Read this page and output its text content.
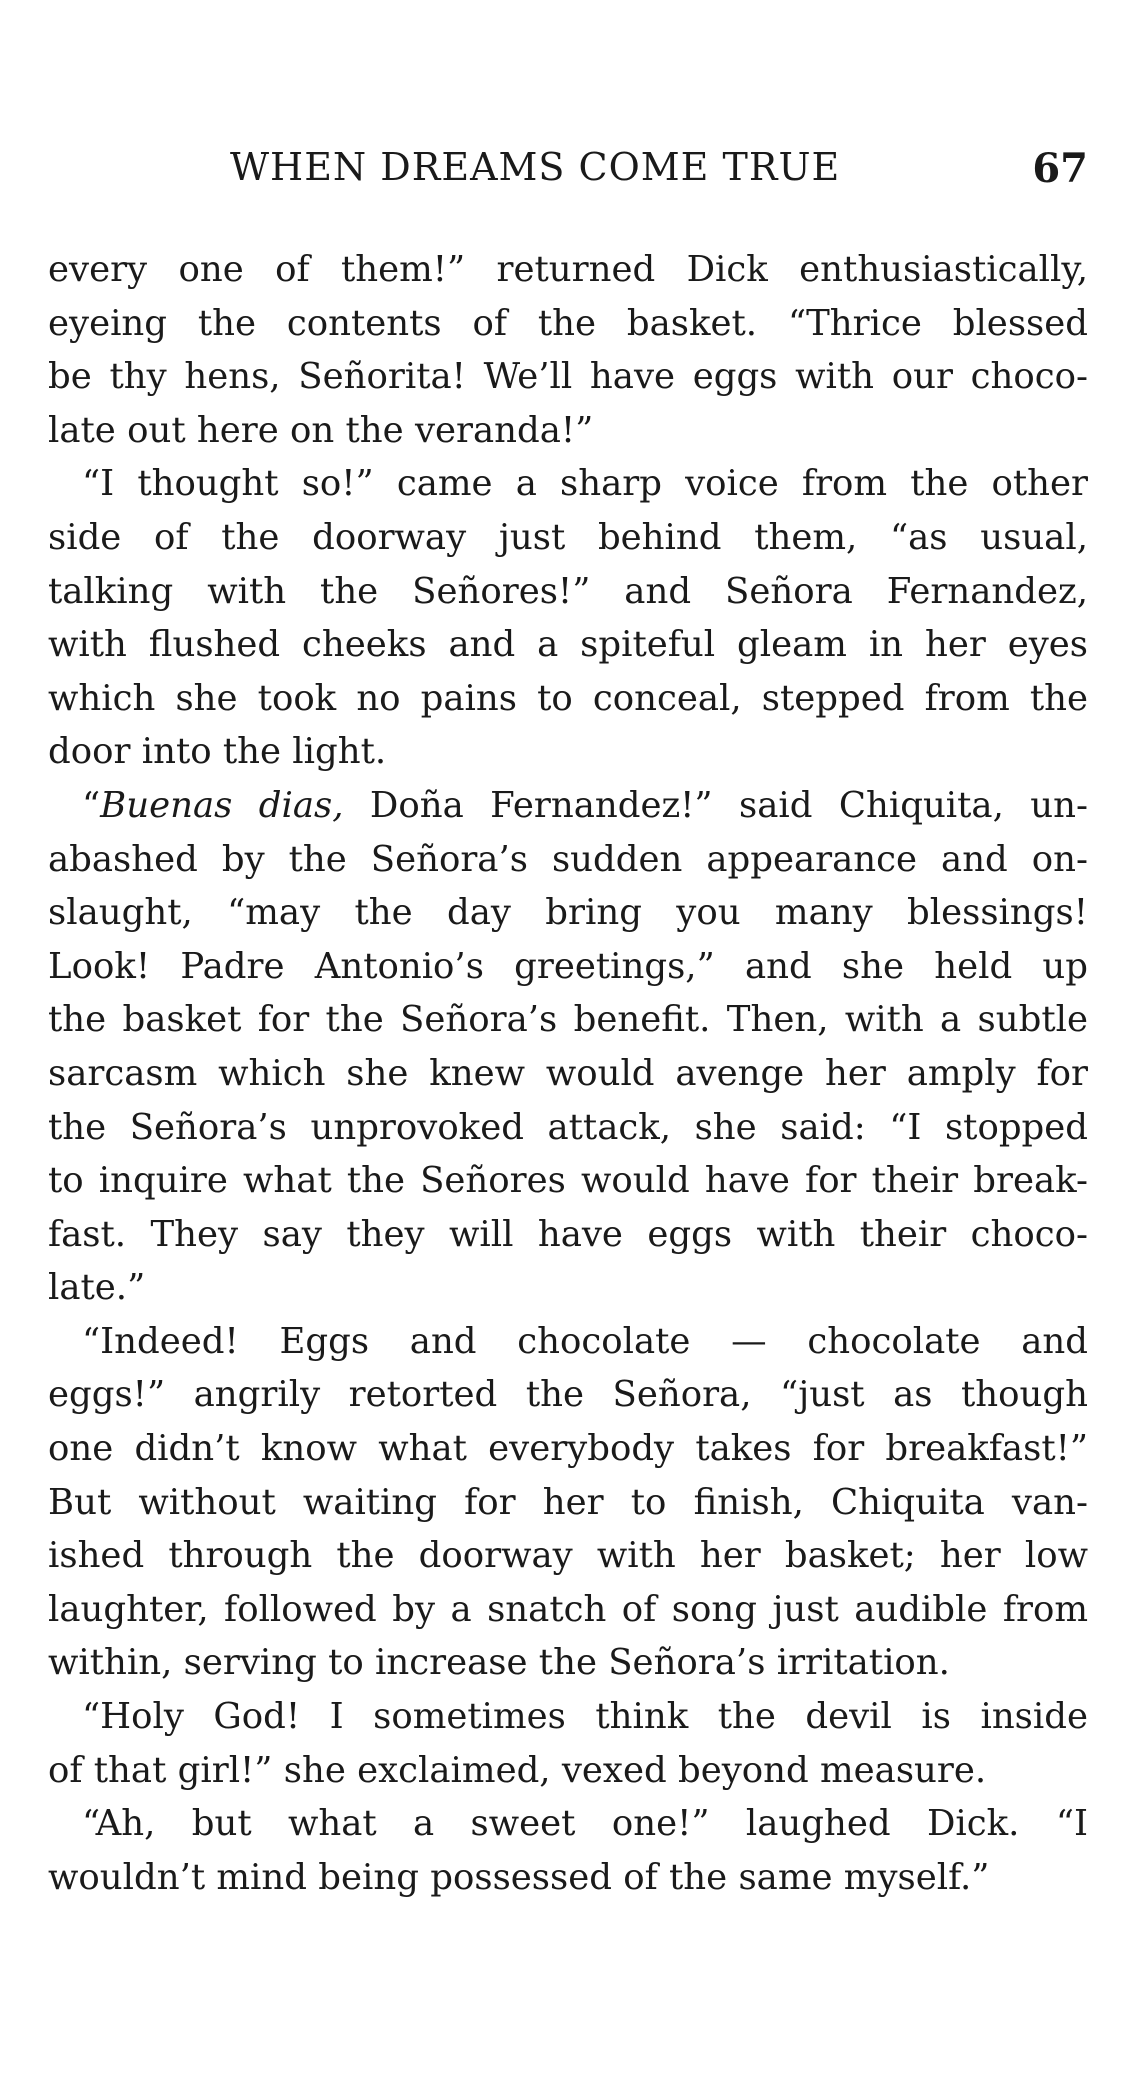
WHEN DREAMS COME TRUE	67
every one of them!” returned Dick enthusiastically,
eyeing the contents of the basket. “Thrice blessed
be thy hens, Señorita! We’ll have eggs with our choco-
late out here on the veranda!”
“I thought so!” came a sharp voice from the other
side of the doorway just behind them, “as usual,
talking with the Señores!” and Señora Fernandez,
with flushed cheeks and a spiteful gleam in her eyes
which she took no pains to conceal, stepped from the
door into the light.
“Buenas dias, Doña Fernandez!” said Chiquita, un-
abashed by the Señora’s sudden appearance and on-
slaught, “may the day bring you many blessings!
Look! Padre Antonio’s greetings,” and she held up
the basket for the Señora’s benefit. Then, with a subtle
sarcasm which she knew would avenge her amply for
the Señora’s unprovoked attack, she said: “I stopped
to inquire what the Señores would have for their break-
fast. They say they will have eggs with their choco-
late.”
“Indeed! Eggs and chocolate — chocolate and
eggs!” angrily retorted the Señora, “just as though
one didn’t know what everybody takes for breakfast!”
But without waiting for her to finish, Chiquita van-
ished through the doorway with her basket; her low
laughter, followed by a snatch of song just audible from
within, serving to increase the Señora’s irritation.
“Holy God! I sometimes think the devil is inside
of that girl!” she exclaimed, vexed beyond measure.
“Ah, but what a sweet one!” laughed Dick. “I
wouldn’t mind being possessed of the same myself.”
